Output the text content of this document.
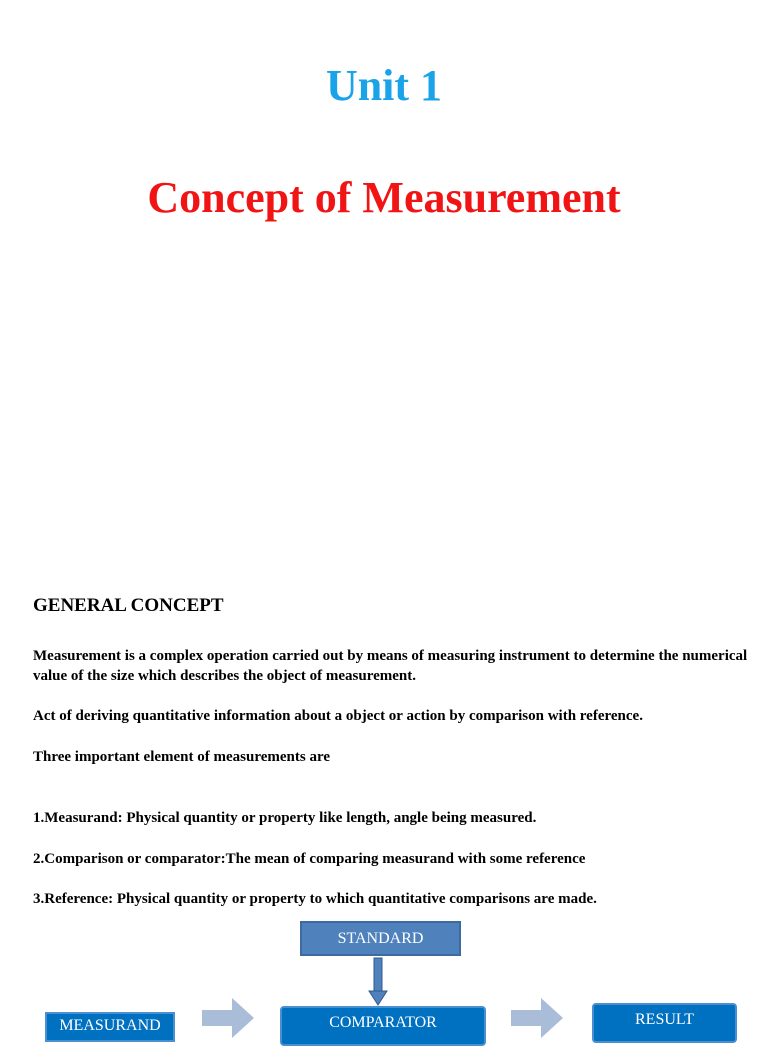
Unit 1
Concept of Measurement
GENERAL CONCEPT

Measurement is a complex operation carried out by means of measuring instrument to determine the numerical value of the size which describes the object of measurement.

Act of deriving quantitative information about a object or action by comparison with reference.

Three important element of measurements are

1.Measurand: Physical quantity or property like length, angle being measured.

2.Comparison or comparator:The mean of comparing measurand with some reference

3.Reference: Physical quantity or property to which quantitative comparisons are made.

STANDARD
MEASURAND	COMPARATOR	RESULT
